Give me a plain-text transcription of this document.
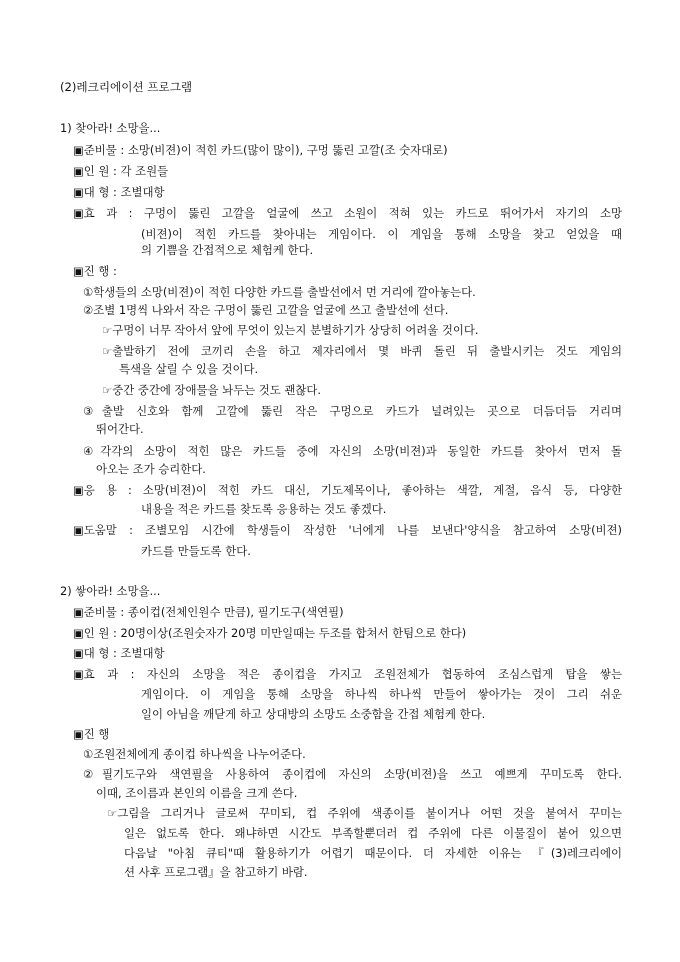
(2)레크리에이션 프로그램
1) 찾아라! 소망을...
▣준비물 : 소망(비젼)이 적힌 카드(많이 많이), 구멍 뚫린 고깔(조 숫자대로)
▣인 원 : 각 조원들
▣대 형 : 조별대항
▣효 과 : 구멍이 뚫린 고깔을 얼굴에 쓰고 소원이 적혀 있는 카드로 뛰어가서 자기의 소망
(비젼)이 적힌 카드를 찾아내는 게임이다. 이 게임을 통해 소망을 찾고 얻었을 때
의 기쁨을 간접적으로 체험케 한다.
▣진 행 :
①학생들의 소망(비젼)이 적힌 다양한 카드를 출발선에서 먼 거리에 깔아놓는다.
②조별 1명씩 나와서 작은 구멍이 뚫린 고깔을 얼굴에 쓰고 출발선에 선다.
☞구멍이 너무 작아서 앞에 무엇이 있는지 분별하기가 상당히 어려울 것이다.
☞출발하기 전에 코끼리 손을 하고 제자리에서 몇 바퀴 돌린 뒤 출발시키는 것도 게임의
특색을 살릴 수 있을 것이다.
☞중간 중간에 장애물을 놔두는 것도 괜찮다.
③출발 신호와 함께 고깔에 뚫린 작은 구멍으로 카드가 널려있는 곳으로 더듬더듬 거리며
뛰어간다.
④각각의 소망이 적힌 많은 카드들 중에 자신의 소망(비젼)과 동일한 카드를 찾아서 먼저 돌
아오는 조가 승리한다.
▣응 용 : 소망(비젼)이 적힌 카드 대신, 기도제목이나, 좋아하는 색깔, 계절, 음식 등, 다양한
내용을 적은 카드를 찾도록 응용하는 것도 좋겠다.
▣도움말 : 조별모임 시간에 학생들이 작성한 '너에게 나를 보낸다'양식을 참고하여 소망(비젼)
카드를 만들도록 한다.
2) 쌓아라! 소망을...
▣준비물 : 종이컵(전체인원수 만큼), 필기도구(색연필)
▣인 원 : 20명이상(조원숫자가 20명 미만일때는 두조를 합쳐서 한팀으로 한다)
▣대 형 : 조별대항
▣효 과 : 자신의 소망을 적은 종이컵을 가지고 조원전체가 협동하여 조심스럽게 탑을 쌓는
게임이다. 이 게임을 통해 소망을 하나씩 하나씩 만들어 쌓아가는 것이 그리 쉬운
일이 아님을 깨닫게 하고 상대방의 소망도 소중함을 간접 체험케 한다.
▣진 행
①조원전체에게 종이컵 하나씩을 나누어준다.
②필기도구와 색연필을 사용하여 종이컵에 자신의 소망(비젼)을 쓰고 예쁘게 꾸미도록 한다.
이때, 조이름과 본인의 이름을 크게 쓴다.
☞그림을 그리거나 글로써 꾸미되, 컵 주위에 색종이를 붙이거나 어떤 것을 붙여서 꾸미는
일은 없도록 한다. 왜냐하면 시간도 부족할뿐더러 컵 주위에 다른 이물질이 붙어 있으면
다음날 "아침 큐티"때 활용하기가 어렵기 때문이다. 더 자세한 이유는 『(3)레크리에이
션 사후 프로그램』을 참고하기 바람.
